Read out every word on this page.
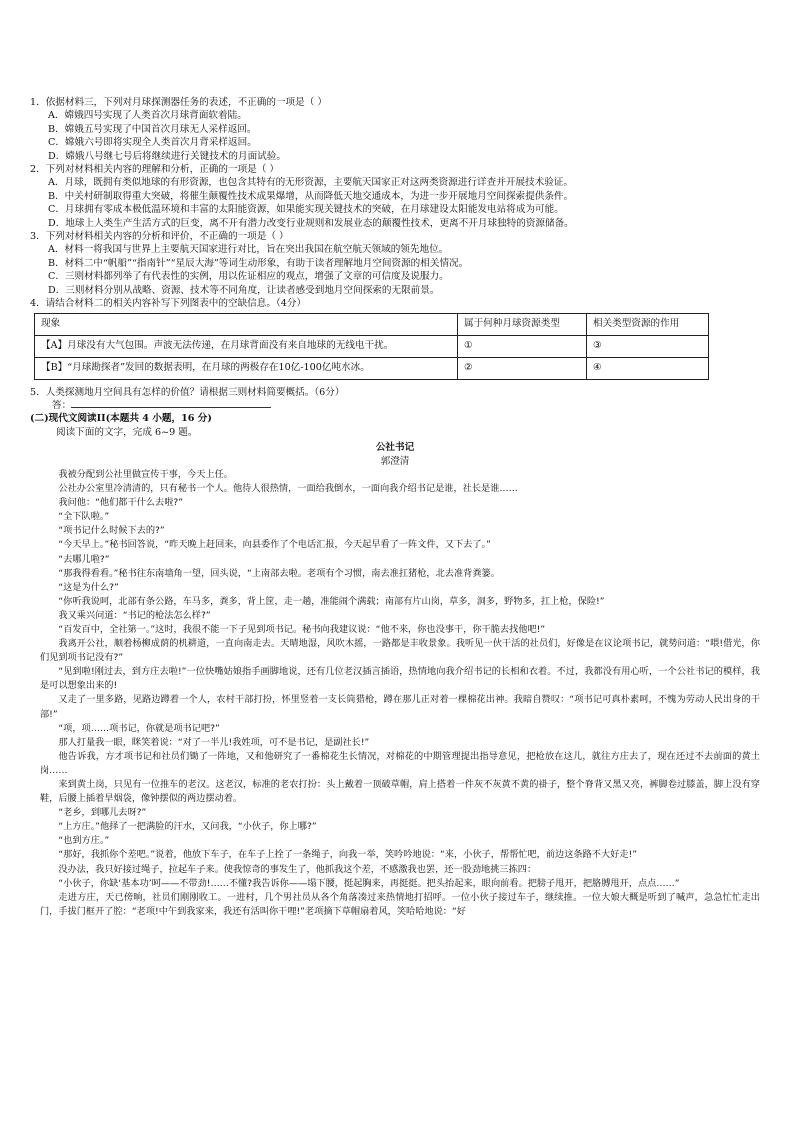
1．依据材料三，下列对月球探测器任务的表述，不正确的一项是（ ）
A．嫦娥四号实现了人类首次月球背面软着陆。
B．嫦娥五号实现了中国首次月球无人采样返回。
C．嫦娥六号即将实现全人类首次月背采样返回。
D．嫦娥八号继七号后将继续进行关键技术的月面试验。
2．下列对材料相关内容的理解和分析，正确的一项是（ ）
A．月球，既拥有类似地球的有形资源，也包含其特有的无形资源，主要航天国家正对这两类资源进行详查并开展技术验证。
B．中关村研制取得重大突破，将催生颠覆性技术成果爆增，从而降低天地交通成本，为进一步开展地月空间探索提供条件。
C．月球拥有零成本极低温环境和丰富的太阳能资源，如果能实现关键技术的突破，在月球建设太阳能发电站将成为可能。
D．地球上人类生产生活方式的巨变，离不开有潜力改变行业规则和发展业态的颠覆性技术，更离不开月球独特的资源储备。
3．下列对材料相关内容的分析和评价，不正确的一项是（ ）
A．材料一将我国与世界上主要航天国家进行对比，旨在突出我国在航空航天领域的领先地位。
B．材料二中“帆船”“指南针”“星辰大海”等词生动形象，有助于读者理解地月空间资源的相关情况。
C．三则材料都列举了有代表性的实例，用以佐证相应的观点，增强了文章的可信度及说服力。
D．三则材料分别从战略、资源、技术等不同角度，让读者感受到地月空间探索的无限前景。
4．请结合材料二的相关内容补写下列图表中的空缺信息。（4分）
现象	属于何种月球资源类型	相关类型资源的作用
【A】月球没有大气包围。声波无法传递，在月球背面没有来自地球的无线电干扰。	①	③
【B】“月球勘探者”发回的数据表明，在月球的两极存在10亿-100亿吨水冰。	②	④
5．人类探测地月空间具有怎样的价值？请根据三则材料简要概括。（6分）
答：
(二)现代文阅读II(本题共 4 小题，16 分)
阅读下面的文字，完成 6~9 题。
公社书记
郭澄清
我被分配到公社里做宣传干事，今天上任。
公社办公室里冷清清的，只有秘书一个人。他待人很热情，一面给我倒水，一面向我介绍书记是谁，社长是谁……
我问他：“他们都干什么去啦?”
“全下队啦。”
“项书记什么时候下去的?”
“今天早上。”秘书回答说，“昨天晚上赶回来，向县委作了个电话汇报，今天起早看了一阵文件，又下去了。”
“去哪儿啦?”
“那我得看看。”秘书往东南墙角一望，回头说，“上南部去啦。老项有个习惯，南去准扛猪枪，北去准背粪篓。
“这是为什么?”
“你听我说呵，北部有条公路，车马多，粪多，背上筐，走一趟，准能闹个满载；南部有片山岗，草多，洞多，野物多，扛上枪，保险!”
我又乘兴问道：“书记的枪法怎么样?”
“百发百中，全社第一。”这时，我很不能一下子见到项书记。秘书向我建议说：“他不来，你也没事干，你干脆去找他吧!”
我离开公社，顺着杨柳成荫的机耕道，一直向南走去。天晴地湿，风吹木摇，一路都是丰收景象。我听见一伙干活的社员们，好像是在议论项书记，就势问道：“喂!借光，你们见到项书记没有?”
“见到啦!刚过去，到方庄去啦!”一位快嘴姑娘指手画脚地说，还有几位老汉插言插语，热情地向我介绍书记的长相和衣着。不过，我都没有用心听，一个公社书记的模样，我是可以想象出来的!
又走了一里多路，见路边蹲着一个人，农村干部打扮，怀里竖着一支长筒猎枪，蹲在那儿正对着一棵棉花出神。我暗自赞叹：“项书记可真朴素呵，不愧为劳动人民出身的干部!”
“项，项……项书记，你就是项书记吧?”
那人打量我一眼，眯笑着说：“对了一半儿!我姓项，可不是书记，是副社长!”
他告诉我，方才项书记和社员们锄了一阵地，又和他研究了一番棉花生长情况，对棉花的中期管理提出指导意见，把枪放在这儿，就往方庄去了，现在还过不去前面的黄土岗……
来到黄土岗，只见有一位推车的老汉。这老汉，标准的老农打扮：头上戴着一顶破草帽，肩上搭着一件灰不灰黄不黄的褂子，整个脊背又黑又亮，裤脚卷过膝盖，脚上没有穿鞋，后腰上插着旱烟袋，像钟摆似的两边摆动着。
“老乡，到哪儿去呀?”
“上方庄。”他择了一把满脸的汗水，又问我，“小伙子，你上哪?”
“也到方庄。”
“那好，我抓你个差吧。”说着，他放下车子，在车子上拴了一条绳子，向我一举，笑吟吟地说：“来，小伙子，帮帮忙吧，前边这条路不大好走!”
没办法，我只好接过绳子，拉起车子来。使我惊奇的事发生了，他抓我这个差，不感激我也罢，还一股劲地挑三拣四：
“小伙子，你缺‘基本功’呵——不带劲!……不懂?我告诉你——塌下腰，挺起胸来，再挺挺。把头抬起来，眼向前看。把膀子甩开，把胳膊甩开，点点……”
走进方庄，天已傍晌，社员们刚刚收工。一进村，几个男社员从各个角落凑过来热情地打招呼。一位小伙子接过车子，继续推。一位大娘大概是听到了喊声，急急忙忙走出门，手拔门框开了腔：“老项!中午到我家来，我还有活叫你干哩!”老项摘下草帽扇着风，笑哈哈地说：“好
